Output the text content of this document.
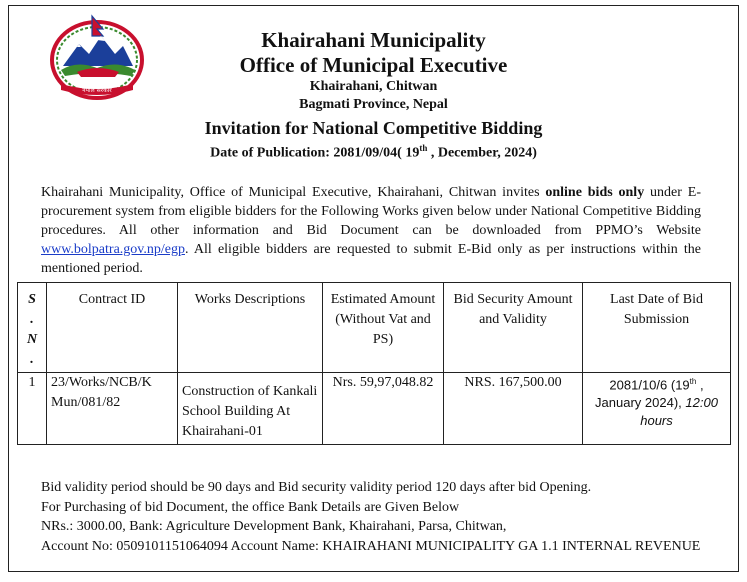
नेपाल सरकार
Khairahani Municipality
Office of Municipal Executive
Khairahani, Chitwan
Bagmati Province, Nepal
Invitation for National Competitive Bidding
Date of Publication: 2081/09/04( 19th , December, 2024)
Khairahani Municipality, Office of Municipal Executive, Khairahani, Chitwan invites online bids only under E-procurement system from eligible bidders for the Following Works given below under National Competitive Bidding procedures. All other information and Bid Document can be downloaded from PPMO’s Website www.bolpatra.gov.np/egp. All eligible bidders are requested to submit E-Bid only as per instructions within the mentioned period.
S
.
N
.	Contract ID	Works Descriptions	Estimated Amount (Without Vat and PS)	Bid Security Amount and Validity	Last Date of Bid Submission
1	23/Works/NCB/K Mun/081/82	Construction of Kankali School Building At Khairahani-01	Nrs. 59,97,048.82	NRS. 167,500.00	2081/10/6 (19th , January 2024), 12:00 hours
Bid validity period should be 90 days and Bid security validity period 120 days after bid Opening.
For Purchasing of bid Document, the office Bank Details are Given Below
NRs.: 3000.00, Bank: Agriculture Development Bank, Khairahani, Parsa, Chitwan,
Account No: 0509101151064094 Account Name: KHAIRAHANI MUNICIPALITY GA 1.1 INTERNAL REVENUE
